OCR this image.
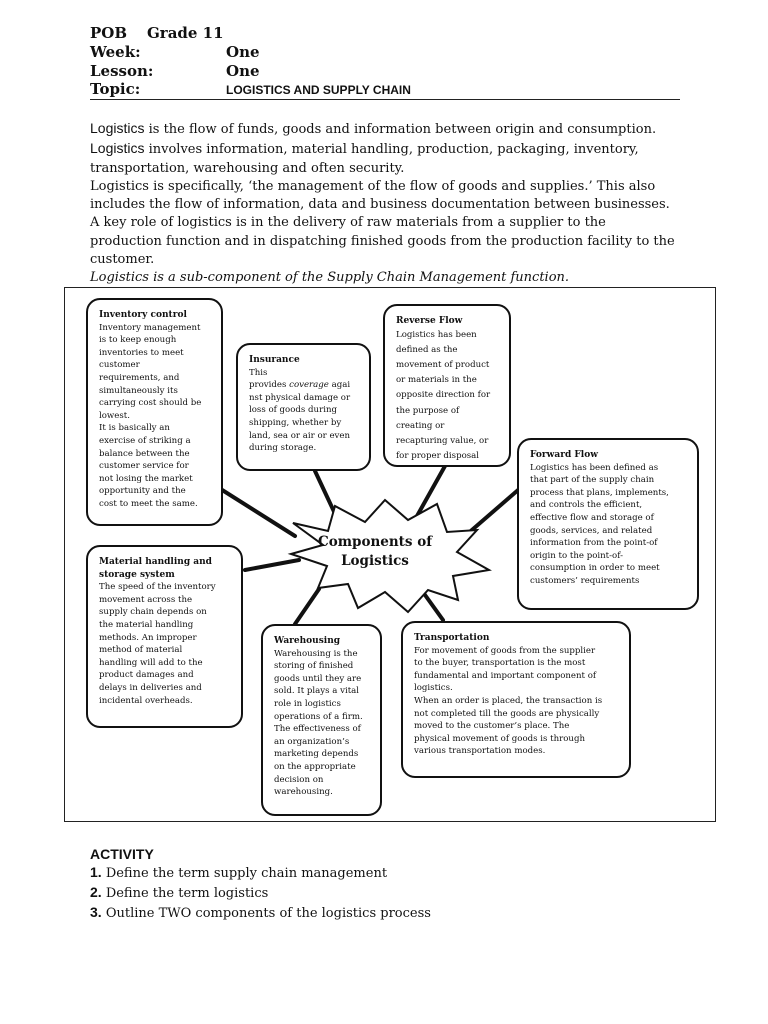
POB Grade 11
Week:	One
Lesson:	One
Topic:	LOGISTICS AND SUPPLY CHAIN
Logistics is the flow of funds, goods and information between origin and consumption. Logistics involves information, material handling, production, packaging, inventory, transportation, warehousing and often security.
Logistics is specifically, ‘the management of the flow of goods and supplies.’ This also includes the flow of information, data and business documentation between businesses. A key role of logistics is in the delivery of raw materials from a supplier to the production function and in dispatching finished goods from the production facility to the customer.
Logistics is a sub-component of the Supply Chain Management function.
Components of
Logistics
Inventory control
Inventory management
is to keep enough
inventories to meet
customer
requirements, and
simultaneously its
carrying cost should be
lowest.
It is basically an
exercise of striking a
balance between the
customer service for
not losing the market
opportunity and the
cost to meet the same.
Insurance
This
provides coverage agai
nst physical damage or
loss of goods during
shipping, whether by
land, sea or air or even
during storage.
Reverse Flow
Logistics has been
defined as the
movement of product
or materials in the
opposite direction for
the purpose of
creating or
recapturing value, or
for proper disposal	Forward Flow
Logistics has been defined as
that part of the supply chain
process that plans, implements,
and controls the efficient,
effective flow and storage of
goods, services, and related
information from the point-of
origin to the point-of-
consumption in order to meet
customers’ requirements
Material handling and
storage system
The speed of the inventory
movement across the
supply chain depends on
the material handling
methods. An improper
method of material
handling will add to the
product damages and
delays in deliveries and
incidental overheads.
Warehousing
Warehousing is the
storing of finished
goods until they are
sold. It plays a vital
role in logistics
operations of a firm.
The effectiveness of
an organization’s
marketing depends
on the appropriate
decision on
warehousing.
Transportation
For movement of goods from the supplier
to the buyer, transportation is the most
fundamental and important component of
logistics.
When an order is placed, the transaction is
not completed till the goods are physically
moved to the customer’s place. The
physical movement of goods is through
various transportation modes.
ACTIVITY
1. Define the term supply chain management
2. Define the term logistics
3. Outline TWO components of the logistics process
